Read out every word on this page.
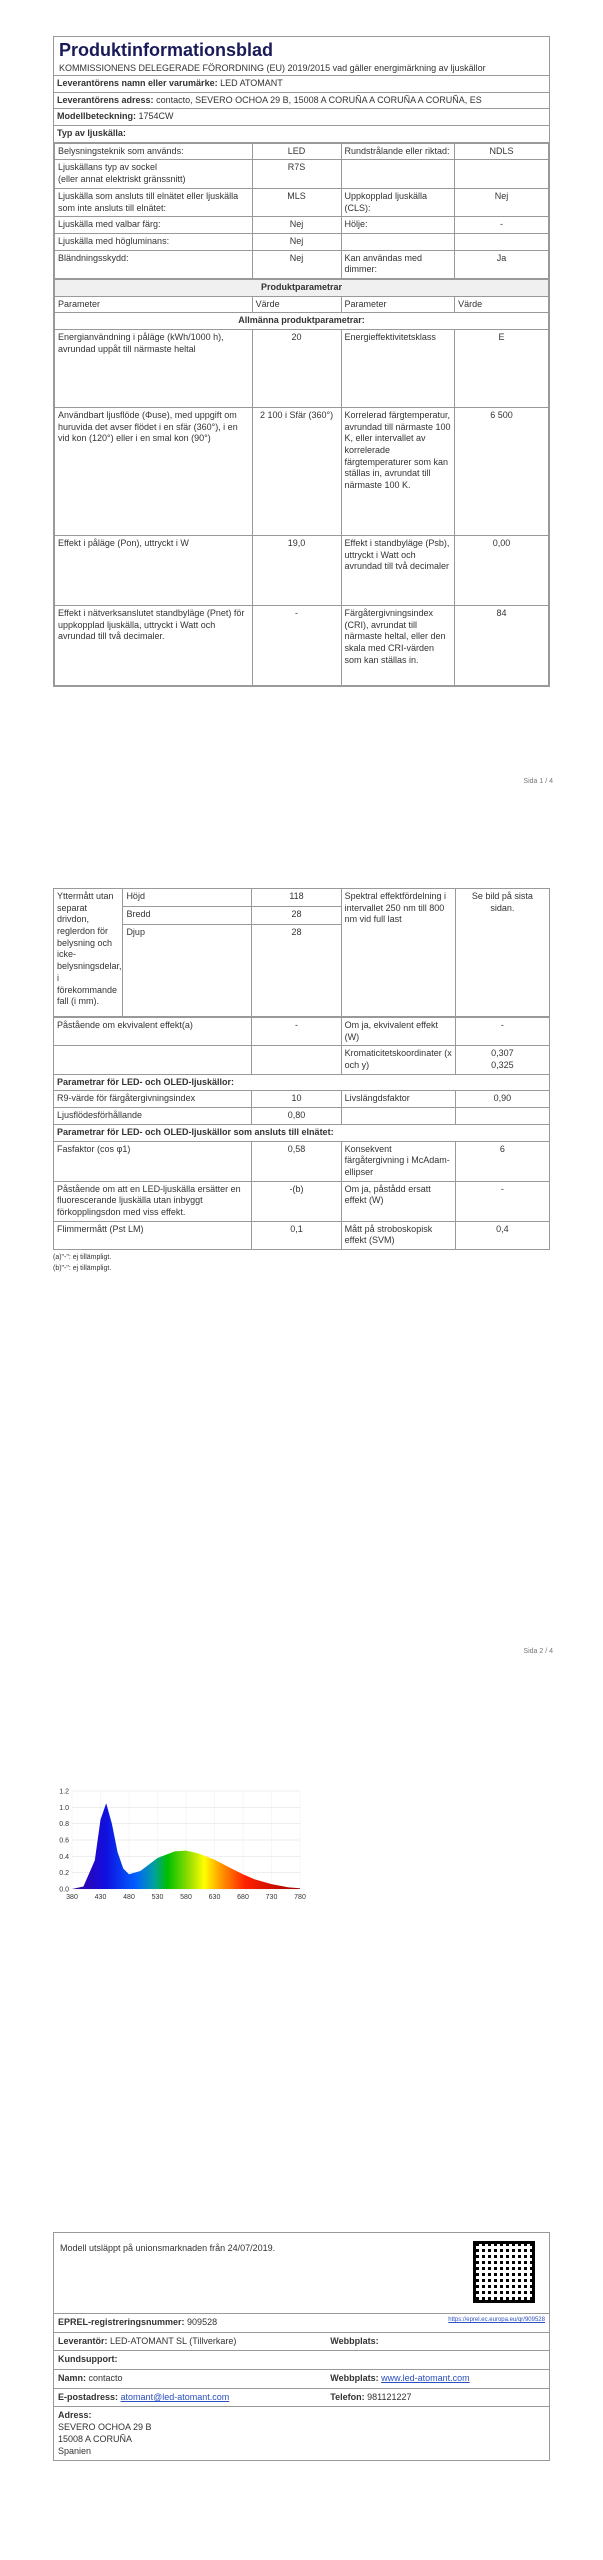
Produktinformationsblad
KOMMISSIONENS DELEGERADE FÖRORDNING (EU) 2019/2015 vad gäller energimärkning av ljuskällor
Leverantörens namn eller varumärke: LED ATOMANT
Leverantörens adress: contacto, SEVERO OCHOA 29 B, 15008 A CORUÑA A CORUÑA A CORUÑA, ES
Modellbeteckning: 1754CW
Typ av ljuskälla:
Belysningsteknik som används:	LED	Rundstrålande eller riktad:	NDLS
Ljuskällans typ av sockel
(eller annat elektriskt gränssnitt)	R7S		
Ljuskälla som ansluts till elnätet eller ljuskälla som inte ansluts till elnätet:	MLS	Uppkopplad ljuskälla (CLS):	Nej
Ljuskälla med valbar färg:	Nej	Hölje:	-
Ljuskälla med högluminans:	Nej		
Bländningsskydd:	Nej	Kan användas med dimmer:	Ja
Produktparametrar			
Parameter	Värde	Parameter	Värde
Allmänna produktparametrar:			
Energianvändning i påläge (kWh/1000 h), avrundad uppåt till närmaste heltal	20	Energieffektivitetsklass	E
Användbart ljusflöde (Φuse), med uppgift om huruvida det avser flödet i en sfär (360°), i en vid kon (120°) eller i en smal kon (90°)	2 100 i Sfär (360°)	Korrelerad färgtemperatur, avrundad till närmaste 100 K, eller intervallet av korrelerade färgtemperaturer som kan ställas in, avrundat till närmaste 100 K.	6 500
Effekt i påläge (Pon), uttryckt i W	19,0	Effekt i standbyläge (Psb), uttryckt i Watt och avrundad till två decimaler	0,00
Effekt i nätverksanslutet standbyläge (Pnet) för uppkopplad ljuskälla, uttryckt i Watt och avrundad till två decimaler.	-	Färgåtergivningsindex (CRI), avrundat till närmaste heltal, eller den skala med CRI-värden som kan ställas in.	84
Sida 1 / 4
Yttermått utan separat drivdon, reglerdon för belysning och icke-belysningsdelar, i förekommande fall (i mm).	Höjd	118	Spektral effektfördelning i intervallet 250 nm till 800 nm vid full last	Se bild på sista sidan.
	Bredd	28		
	Djup	28		
Påstående om ekvivalent effekt(a)	-	Om ja, ekvivalent effekt (W)	-
		Kromaticitetskoordinater (x och y)	0,307
0,325
Parametrar för LED- och OLED-ljuskällor:			
R9-värde för färgåtergivningsindex	10	Livslängdsfaktor	0,90
Ljusflödesförhållande	0,80		
Parametrar för LED- och OLED-ljuskällor som ansluts till elnätet:			
Fasfaktor (cos φ1)	0,58	Konsekvent färgåtergivning i McAdam-ellipser	6
Påstående om att en LED-ljuskälla ersätter en fluorescerande ljuskälla utan inbyggt förkopplingsdon med viss effekt.	-(b)	Om ja, påstådd ersatt effekt (W)	-
Flimmermått (Pst LM)	0,1	Mått på stroboskopisk effekt (SVM)	0,4
(a)"-": ej tillämpligt.
(b)"-": ej tillämpligt.
Sida 2 / 4
0.0
0.2
0.4
0.6
0.8
1.0
1.2
380 430 480 530 580 630 680 730 780
Modell utsläppt på unionsmarknaden från 24/07/2019.
EPREL-registreringsnummer: 909528	https://eprel.ec.europa.eu/qr/909528
Leverantör: LED-ATOMANT SL (Tillverkare)	Webbplats:
Kundsupport:	
Namn: contacto	Webbplats: www.led-atomant.com
E-postadress: atomant@led-atomant.com	Telefon: 981121227

Adress:
SEVERO OCHOA 29 B
15008 A CORUÑA
Spanien	
